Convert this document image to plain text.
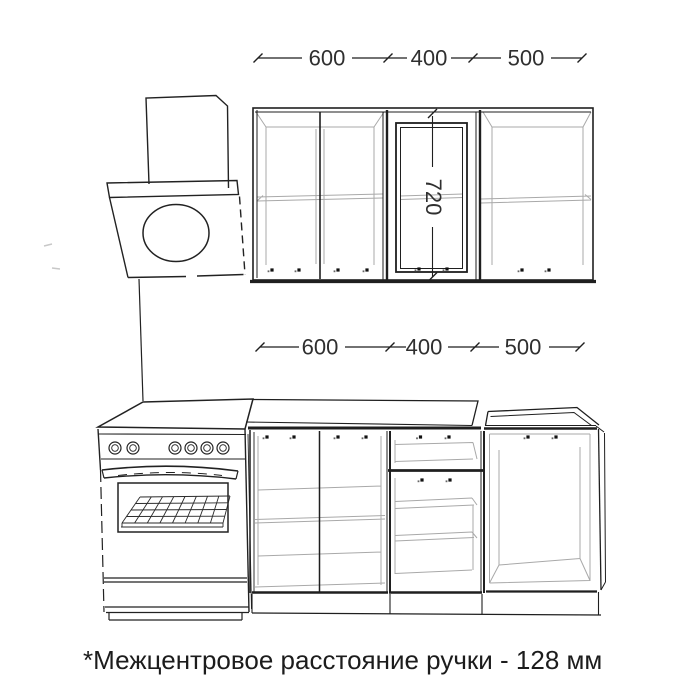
600	400	500
720
600	400	500
*Межцентровое расстояние ручки - 128 мм
